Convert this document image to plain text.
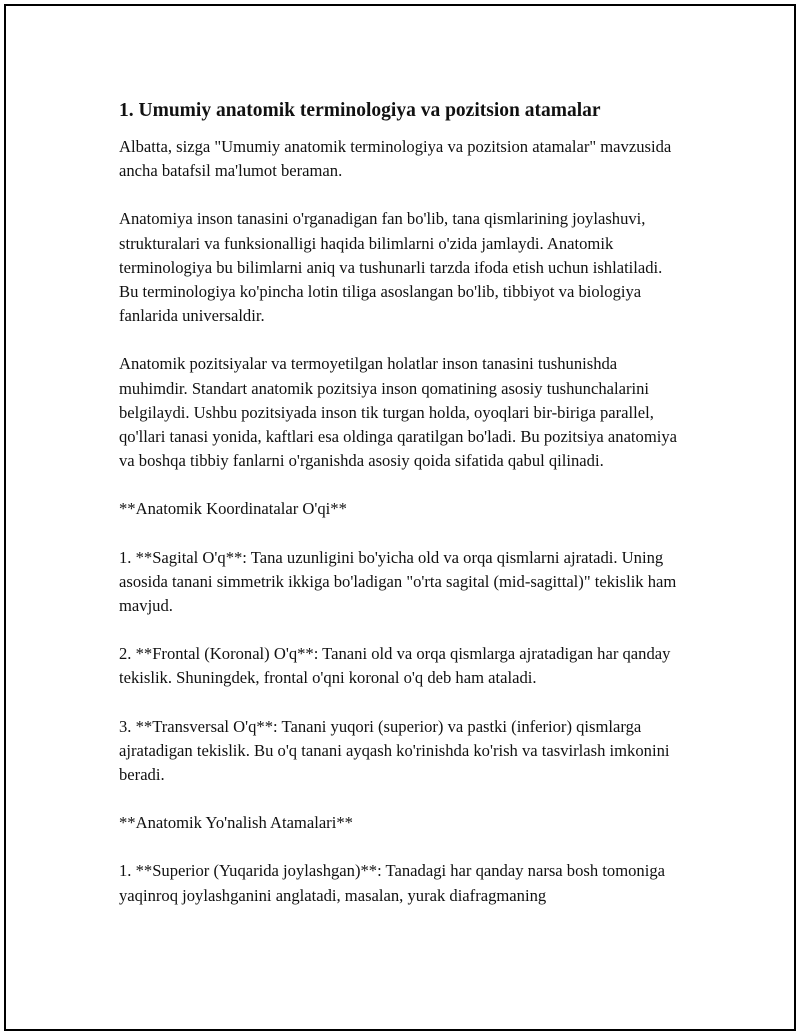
1. Umumiy anatomik terminologiya va pozitsion atamalar

Albatta, sizga "Umumiy anatomik terminologiya va pozitsion atamalar" mavzusida ancha batafsil ma'lumot beraman.

Anatomiya inson tanasini o'rganadigan fan bo'lib, tana qismlarining joylashuvi, strukturalari va funksionalligi haqida bilimlarni o'zida jamlaydi. Anatomik terminologiya bu bilimlarni aniq va tushunarli tarzda ifoda etish uchun ishlatiladi. Bu terminologiya ko'pincha lotin tiliga asoslangan bo'lib, tibbiyot va biologiya fanlarida universaldir.

Anatomik pozitsiyalar va termoyetilgan holatlar inson tanasini tushunishda muhimdir. Standart anatomik pozitsiya inson qomatining asosiy tushunchalarini belgilaydi. Ushbu pozitsiyada inson tik turgan holda, oyoqlari bir-biriga parallel, qo'llari tanasi yonida, kaftlari esa oldinga qaratilgan bo'ladi. Bu pozitsiya anatomiya va boshqa tibbiy fanlarni o'rganishda asosiy qoida sifatida qabul qilinadi.

**Anatomik Koordinatalar O'qi**

1. **Sagital O'q**: Tana uzunligini bo'yicha old va orqa qismlarni ajratadi. Uning asosida tanani simmetrik ikkiga bo'ladigan "o'rta sagital (mid-sagittal)" tekislik ham mavjud.

2. **Frontal (Koronal) O'q**: Tanani old va orqa qismlarga ajratadigan har qanday tekislik. Shuningdek, frontal o'qni koronal o'q deb ham ataladi.

3. **Transversal O'q**: Tanani yuqori (superior) va pastki (inferior) qismlarga ajratadigan tekislik. Bu o'q tanani ayqash ko'rinishda ko'rish va tasvirlash imkonini beradi.

**Anatomik Yo'nalish Atamalari**

1. **Superior (Yuqarida joylashgan)**: Tanadagi har qanday narsa bosh tomoniga yaqinroq joylashganini anglatadi, masalan, yurak diafragmaning
